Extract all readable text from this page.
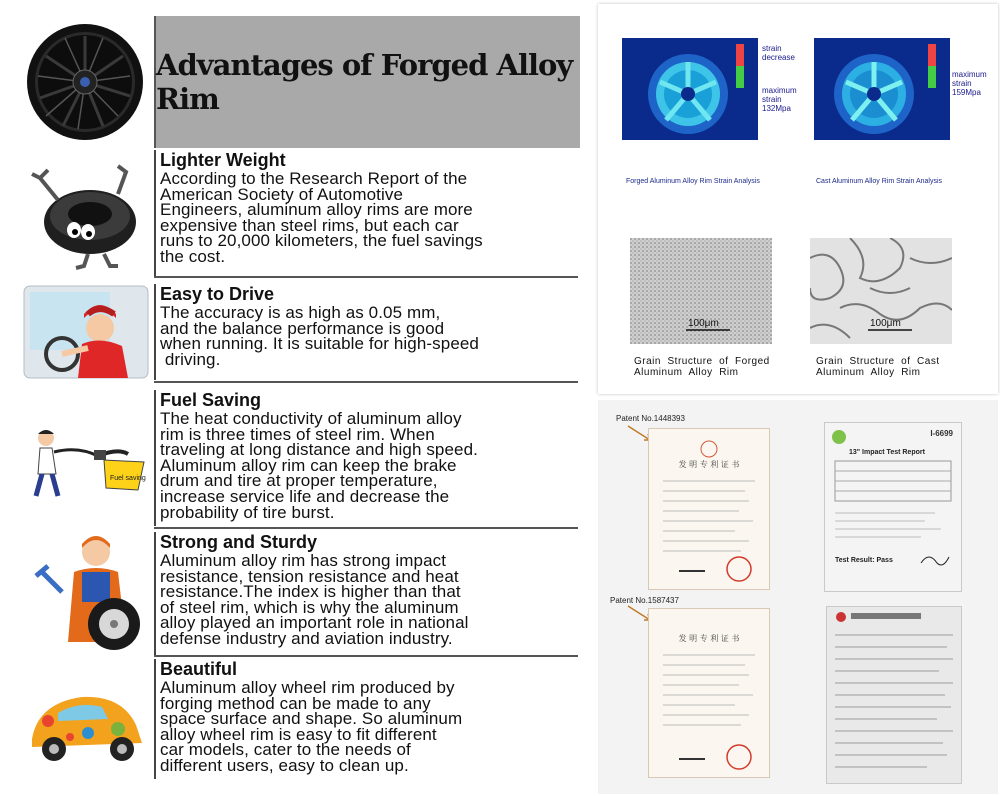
Advantages of Forged Alloy Rim
Lighter Weight
According to the Research Report of the
American Society of Automotive
Engineers, aluminum alloy rims are more
expensive than steel rims, but each car
runs to 20,000 kilometers, the fuel savings
the cost.
Easy to Drive
The accuracy is as high as 0.05 mm,
and the balance performance is good
when running. It is suitable for high-speed
driving.
Fuel saving
Fuel Saving
The heat conductivity of aluminum alloy
rim is three times of steel rim. When
traveling at long distance and high speed.
Aluminum alloy rim can keep the brake
drum and tire at proper temperature,
increase service life and decrease the
probability of tire burst.
Strong and Sturdy
Aluminum alloy rim has strong impact
resistance, tension resistance and heat
resistance.The index is higher than that
of steel rim, which is why the aluminum
alloy played an important role in national
defense industry and aviation industry.
Beautiful
Aluminum alloy wheel rim produced by
forging method can be made to any
space surface and shape. So aluminum
alloy wheel rim is easy to fit different
car models, cater to the needs of
different users, easy to clean up.
strain
decrease
maximum
strain
132Mpa
maximum
strain
159Mpa
Forged Aluminum Alloy Rim Strain Analysis	Cast Aluminum Alloy Rim Strain Analysis
100μm	100μm
Grain  Structure  of  Forged
Aluminum  Alloy  Rim
Grain  Structure  of  Cast
Aluminum  Alloy  Rim
Patent No.1448393
发 明 专 利 证 书
Patent No.1587437
发 明 专 利 证 书
I-6699
13" Impact Test Report
Test Result: Pass
